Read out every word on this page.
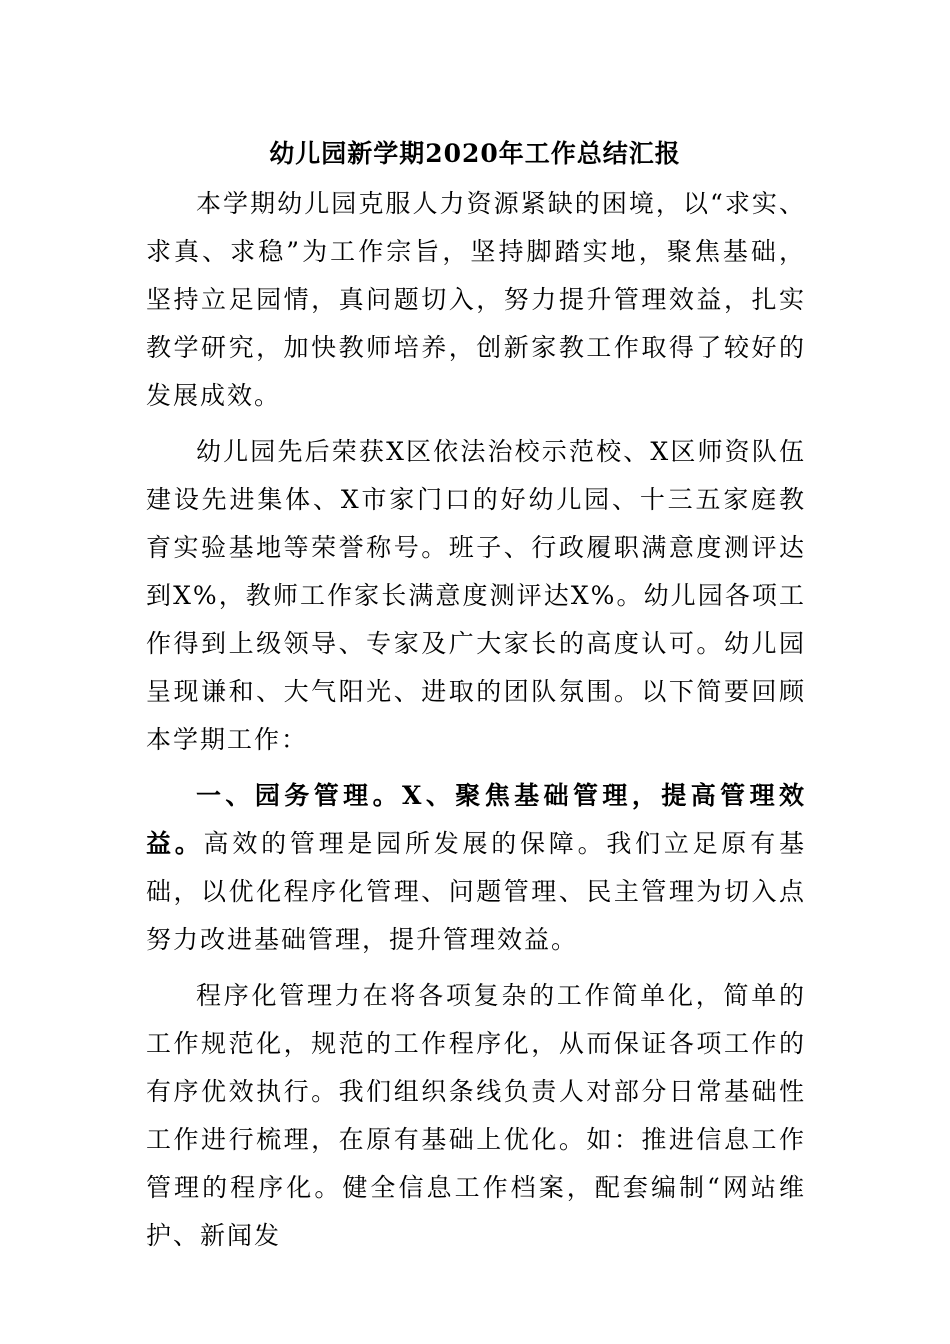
幼儿园新学期2020年工作总结汇报

本学期幼儿园克服人力资源紧缺的困境，以“求实、求真、求稳”为工作宗旨，坚持脚踏实地，聚焦基础，坚持立足园情，真问题切入，努力提升管理效益，扎实教学研究，加快教师培养，创新家教工作取得了较好的发展成效。

幼儿园先后荣获X区依法治校示范校、X区师资队伍建设先进集体、X市家门口的好幼儿园、十三五家庭教育实验基地等荣誉称号。班子、行政履职满意度测评达到X%，教师工作家长满意度测评达X%。幼儿园各项工作得到上级领导、专家及广大家长的高度认可。幼儿园呈现谦和、大气阳光、进取的团队氛围。以下简要回顾本学期工作：

一、园务管理。X、聚焦基础管理，提高管理效益。高效的管理是园所发展的保障。我们立足原有基础，以优化程序化管理、问题管理、民主管理为切入点努力改进基础管理，提升管理效益。

程序化管理力在将各项复杂的工作简单化，简单的工作规范化，规范的工作程序化，从而保证各项工作的有序优效执行。我们组织条线负责人对部分日常基础性工作进行梳理，在原有基础上优化。如：推进信息工作管理的程序化。健全信息工作档案，配套编制“网站维护、新闻发
